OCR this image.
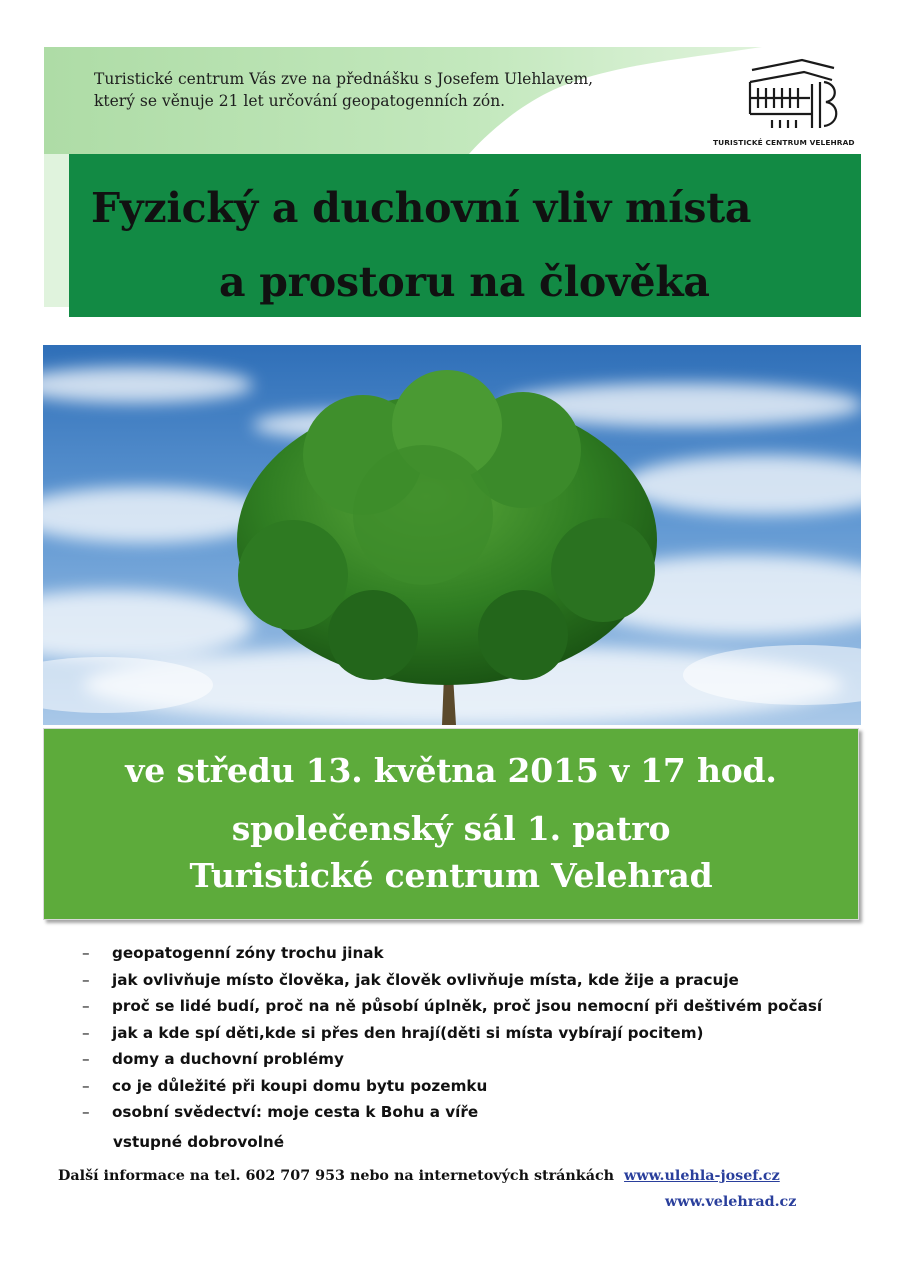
Turistické centrum Vás zve na přednášku s Josefem Ulehlavem,
který se věnuje 21 let určování geopatogenních zón.
TURISTICKÉ CENTRUM VELEHRAD
Fyzický a duchovní vliv místa
a prostoru na člověka
ve středu 13. května 2015 v 17 hod.
společenský sál 1. patro
Turistické centrum Velehrad
– geopatogenní zóny trochu jinak
– jak ovlivňuje místo člověka, jak člověk ovlivňuje místa, kde žije a pracuje
– proč se lidé budí, proč na ně působí úplněk, proč jsou nemocní při deštivém počasí
– jak a kde spí děti,kde si přes den hrají(děti si místa vybírají pocitem)
– domy a duchovní problémy
– co je důležité při koupi domu bytu pozemku
– osobní svědectví: moje cesta k Bohu a víře
vstupné dobrovolné
Další informace na tel. 602 707 953 nebo na internetových stránkách www.ulehla-josef.cz
www.velehrad.cz
